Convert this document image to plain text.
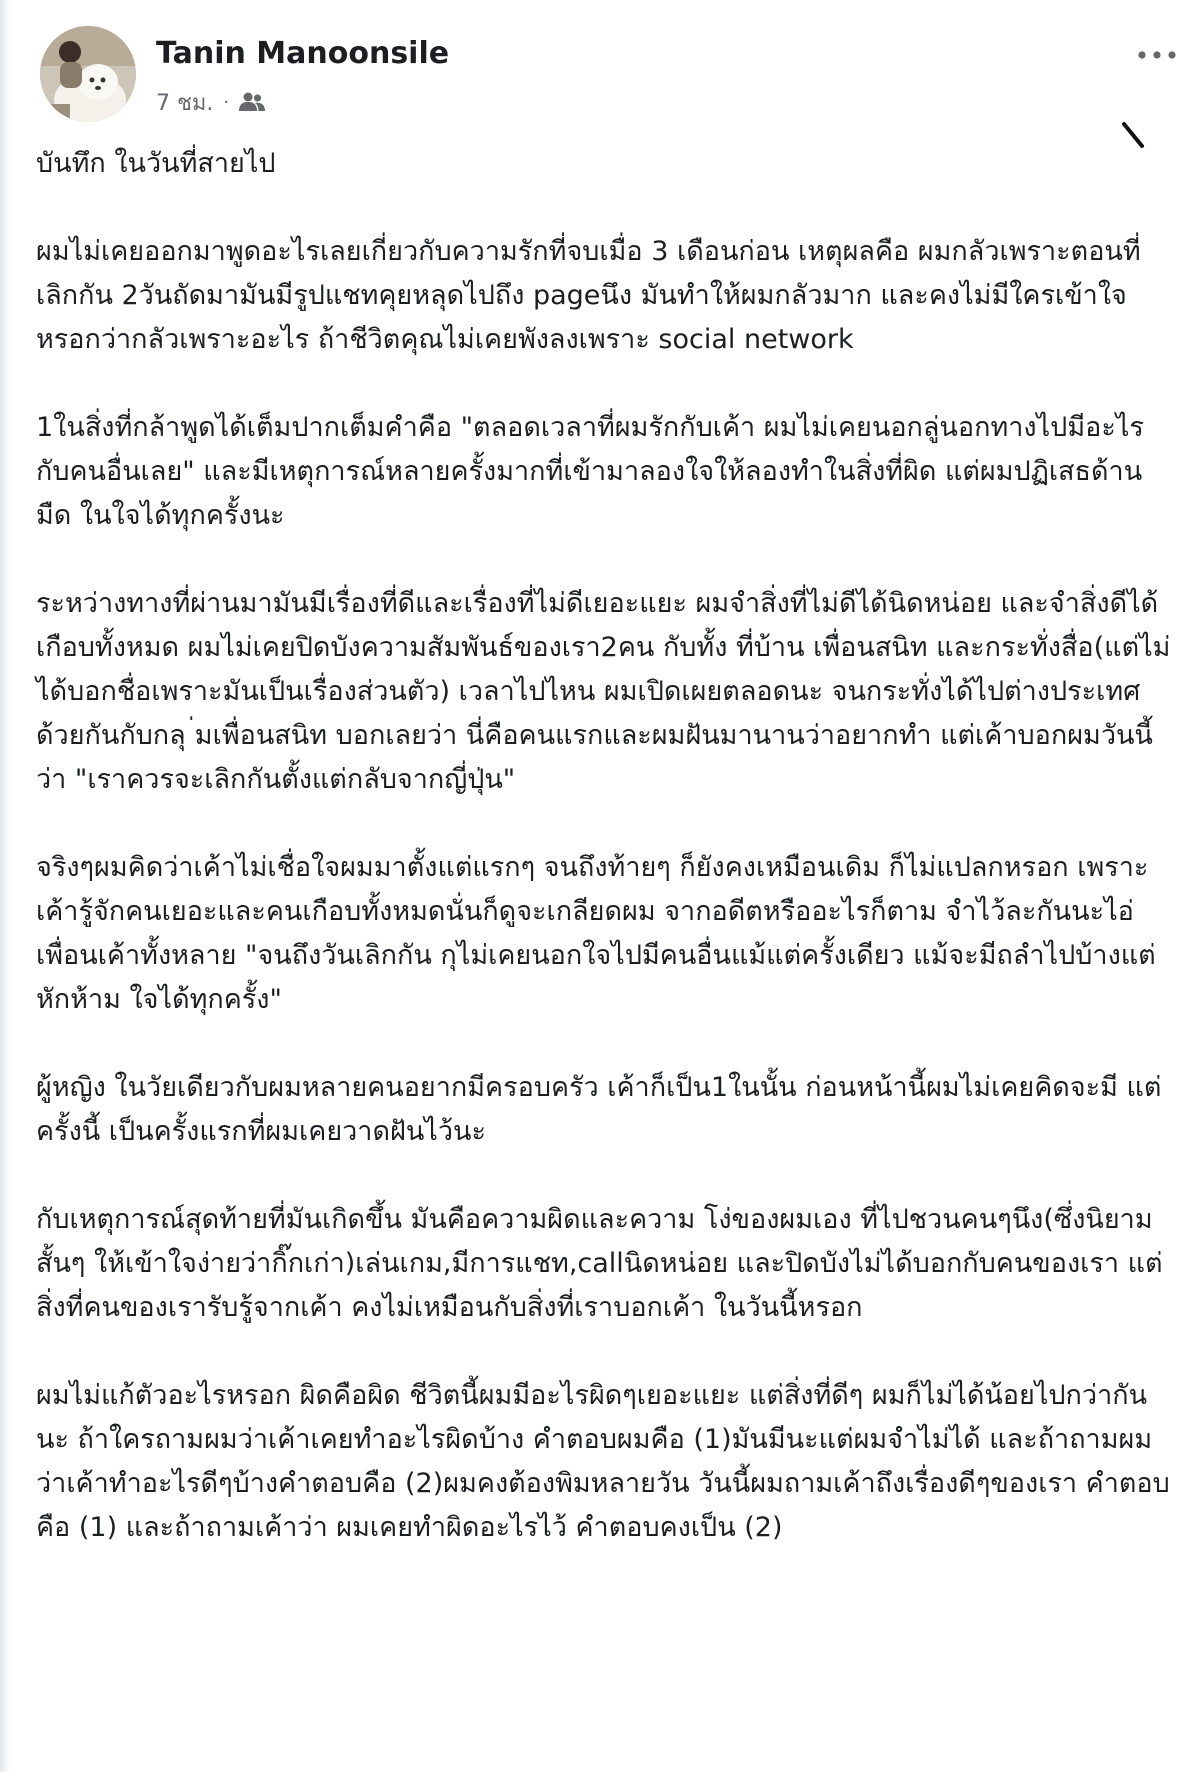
Tanin Manoonsile
7 ชม. ·

บันทึก ในวันที่สายไป

ผมไม่เคยออกมาพูดอะไรเลยเกี่ยวกับความรักที่จบเมื่อ 3 เดือนก่อน เหตุผลคือ ผมกลัวเพราะตอนที่เลิกกัน 2วันถัดมามันมีรูปแชทคุยหลุดไปถึง pageนึง มันทำให้ผมกลัวมาก และคงไม่มีใครเข้าใจหรอกว่ากลัวเพราะอะไร ถ้าชีวิตคุณไม่เคยพังลงเพราะ social network

1ในสิ่งที่กล้าพูดได้เต็มปากเต็มคำคือ "ตลอดเวลาที่ผมรักกับเค้า ผมไม่เคยนอกลู่นอกทางไปมีอะไรกับคนอื่นเลย" และมีเหตุการณ์หลายครั้งมากที่เข้ามาลองใจให้ลองทำในสิ่งที่ผิด แต่ผมปฏิเสธด้านมืด ในใจได้ทุกครั้งนะ

ระหว่างทางที่ผ่านมามันมีเรื่องที่ดีและเรื่องที่ไม่ดีเยอะแยะ ผมจำสิ่งที่ไม่ดีได้นิดหน่อย และจำสิ่งดีได้เกือบทั้งหมด ผมไม่เคยปิดบังความสัมพันธ์ของเรา2คน กับทั้ง ที่บ้าน เพื่อนสนิท และกระทั่งสื่อ(แต่ไม่ได้บอกชื่อเพราะมันเป็นเรื่องส่วนตัว) เวลาไปไหน ผมเปิดเผยตลอดนะ จนกระทั่งได้ไปต่างประเทศด้วยกันกับกลุ ่มเพื่อนสนิท บอกเลยว่า นี่คือคนแรกและผมฝันมานานว่าอยากทำ แต่เค้าบอกผมวันนี้ว่า "เราควรจะเลิกกันตั้งแต่กลับจากญี่ปุ่น"

จริงๆผมคิดว่าเค้าไม่เชื่อใจผมมาตั้งแต่แรกๆ จนถึงท้ายๆ ก็ยังคงเหมือนเดิม ก็ไม่แปลกหรอก เพราะเค้ารู้จักคนเยอะและคนเกือบทั้งหมดนั่นก็ดูจะเกลียดผม จากอดีตหรืออะไรก็ตาม จำไว้ละกันนะไอ่เพื่อนเค้าทั้งหลาย "จนถึงวันเลิกกัน กุไม่เคยนอกใจไปมีคนอื่นแม้แต่ครั้งเดียว แม้จะมีถลำไปบ้างแต่หักห้าม ใจได้ทุกครั้ง"

ผู้หญิง ในวัยเดียวกับผมหลายคนอยากมีครอบครัว เค้าก็เป็น1ในนั้น ก่อนหน้านี้ผมไม่เคยคิดจะมี แต่ครั้งนี้ เป็นครั้งแรกที่ผมเคยวาดฝันไว้นะ

กับเหตุการณ์สุดท้ายที่มันเกิดขึ้น มันคือความผิดและความ โง่ของผมเอง ที่ไปชวนคนๆนึง(ซึ่งนิยามสั้นๆ ให้เข้าใจง่ายว่ากิ๊กเก่า)เล่นเกม,มีการแชท,callนิดหน่อย และปิดบังไม่ได้บอกกับคนของเรา แต่สิ่งที่คนของเรารับรู้จากเค้า คงไม่เหมือนกับสิ่งที่เราบอกเค้า ในวันนี้หรอก

ผมไม่แก้ตัวอะไรหรอก ผิดคือผิด ชีวิตนี้ผมมีอะไรผิดๆเยอะแยะ แต่สิ่งที่ดีๆ ผมก็ไม่ได้น้อยไปกว่ากันนะ ถ้าใครถามผมว่าเค้าเคยทำอะไรผิดบ้าง คำตอบผมคือ (1)มันมีนะแต่ผมจำไม่ได้ และถ้าถามผมว่าเค้าทำอะไรดีๆบ้างคำตอบคือ (2)ผมคงต้องพิมหลายวัน วันนี้ผมถามเค้าถึงเรื่องดีๆของเรา คำตอบคือ (1) และถ้าถามเค้าว่า ผมเคยทำผิดอะไรไว้ คำตอบคงเป็น (2)
